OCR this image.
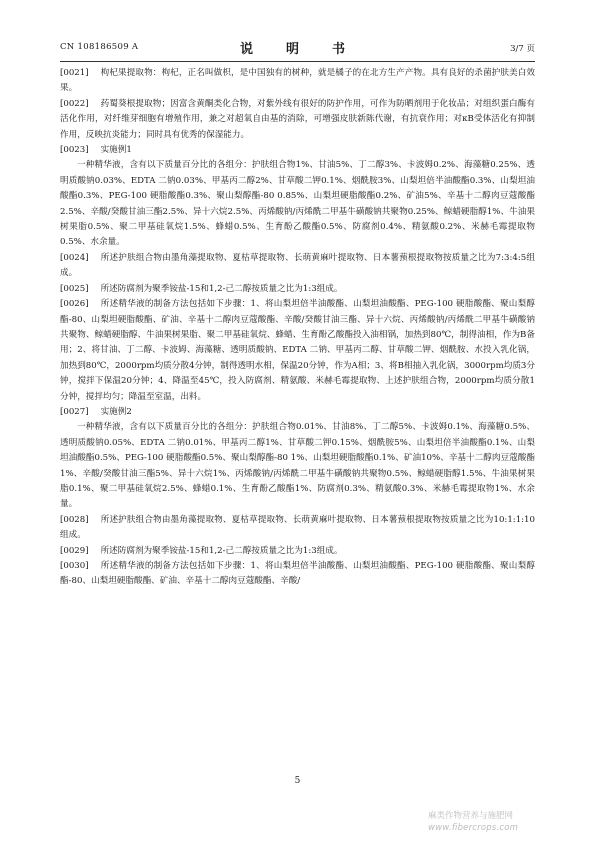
CN 108186509 A	说　明　书	3/7 页

[0021] 枸杞果提取物：枸杞，正名叫做枳，是中国独有的树种，就是橘子的在北方生产产物。具有良好的杀菌护肤美白效果。

[0022] 药蜀葵根提取物；因富含黄酮类化合物，对紫外线有很好的防护作用，可作为防晒剂用于化妆品；对组织蛋白酶有活化作用，对纤维芽细胞有增殖作用，兼之对超氧自由基的消除，可增强皮肤新陈代谢，有抗衰作用；对κB受体活化有抑制作用，反映抗炎能力；同时具有优秀的保湿能力。

[0023] 实施例1

一种精华液，含有以下质量百分比的各组分：护肤组合物1%、甘油5%、丁二醇3%、卡波姆0.2%、海藻糖0.25%、透明质酸钠0.03%、EDTA 二钠0.03%、甲基丙二醇2%、甘草酸二钾0.1%、烟酰胺3%、山梨坦倍半油酸酯0.3%、山梨坦油酸酯0.3%、PEG-100 硬脂酸酯0.3%、聚山梨醇酯-80 0.85%、山梨坦硬脂酸酯0.2%、矿油5%、辛基十二醇肉豆蔻酸酯2.5%、辛酸/癸酸甘油三酯2.5%、异十六烷2.5%、丙烯酸钠/丙烯酰二甲基牛磺酸钠共聚物0.25%、鲸蜡硬脂醇1%、牛油果树果脂0.5%、聚二甲基硅氧烷1.5%、蜂蜡0.5%、生育酚乙酸酯0.5%、防腐剂0.4%、精氨酸0.2%、米赫毛霉提取物0.5%、水余量。

[0024] 所述护肤组合物由墨角藻提取物、夏枯草提取物、长萌黄麻叶提取物、日本薯蓣根提取物按质量之比为7:3:4:5组成。

[0025] 所述防腐剂为聚季铵盐-15和1,2-己二醇按质量之比为1:3组成。

[0026] 所述精华液的制备方法包括如下步骤：1、将山梨坦倍半油酸酯、山梨坦油酸酯、PEG-100 硬脂酸酯、聚山梨醇酯-80、山梨坦硬脂酸酯、矿油、辛基十二醇肉豆蔻酸酯、辛酸/癸酸甘油三酯、异十六烷、丙烯酸钠/丙烯酰二甲基牛磺酸钠共聚物、鲸蜡硬脂醇、牛油果树果脂、聚二甲基硅氧烷、蜂蜡、生育酚乙酸酯投入油相锅，加热到80℃，制得油相，作为B备用；2、将甘油、丁二醇、卡波姆、海藻糖、透明质酸钠、EDTA 二钠、甲基丙二醇、甘草酸二钾、烟酰胺、水投入乳化锅，加热到80℃，2000rpm均质分散4分钟，制得透明水相，保温20分钟，作为A相；3、将B相抽入乳化锅，3000rpm均质3分钟，搅拌下保温20分钟；4、降温至45℃，投入防腐剂、精氨酸、米赫毛霉提取物、上述护肤组合物，2000rpm均质分散1分钟，搅拌均匀；降温至室温，出料。

[0027] 实施例2

一种精华液，含有以下质量百分比的各组分：护肤组合物0.01%、甘油8%、丁二醇5%、卡波姆0.1%、海藻糖0.5%、透明质酸钠0.05%、EDTA 二钠0.01%、甲基丙二醇1%、甘草酸二钾0.15%、烟酰胺5%、山梨坦倍半油酸酯0.1%、山梨坦油酸酯0.5%、PEG-100 硬脂酸酯0.5%、聚山梨醇酯-80 1%、山梨坦硬脂酸酯0.1%、矿油10%、辛基十二醇肉豆蔻酸酯1%、辛酸/癸酸甘油三酯5%、异十六烷1%、丙烯酸钠/丙烯酰二甲基牛磺酸钠共聚物0.5%、鲸蜡硬脂醇1.5%、牛油果树果脂0.1%、聚二甲基硅氧烷2.5%、蜂蜡0.1%、生育酚乙酸酯1%、防腐剂0.3%、精氨酸0.3%、米赫毛霉提取物1%、水余量。

[0028] 所述护肤组合物由墨角藻提取物、夏枯草提取物、长萌黄麻叶提取物、日本薯蓣根提取物按质量之比为10:1:1:10组成。

[0029] 所述防腐剂为聚季铵盐-15和1,2-己二醇按质量之比为1:3组成。

[0030] 所述精华液的制备方法包括如下步骤：1、将山梨坦倍半油酸酯、山梨坦油酸酯、PEG-100 硬脂酸酯、聚山梨醇酯-80、山梨坦硬脂酸酯、矿油、辛基十二醇肉豆蔻酸酯、辛酸/

5
麻类作物营养与施肥网
www.fibercrops.com
